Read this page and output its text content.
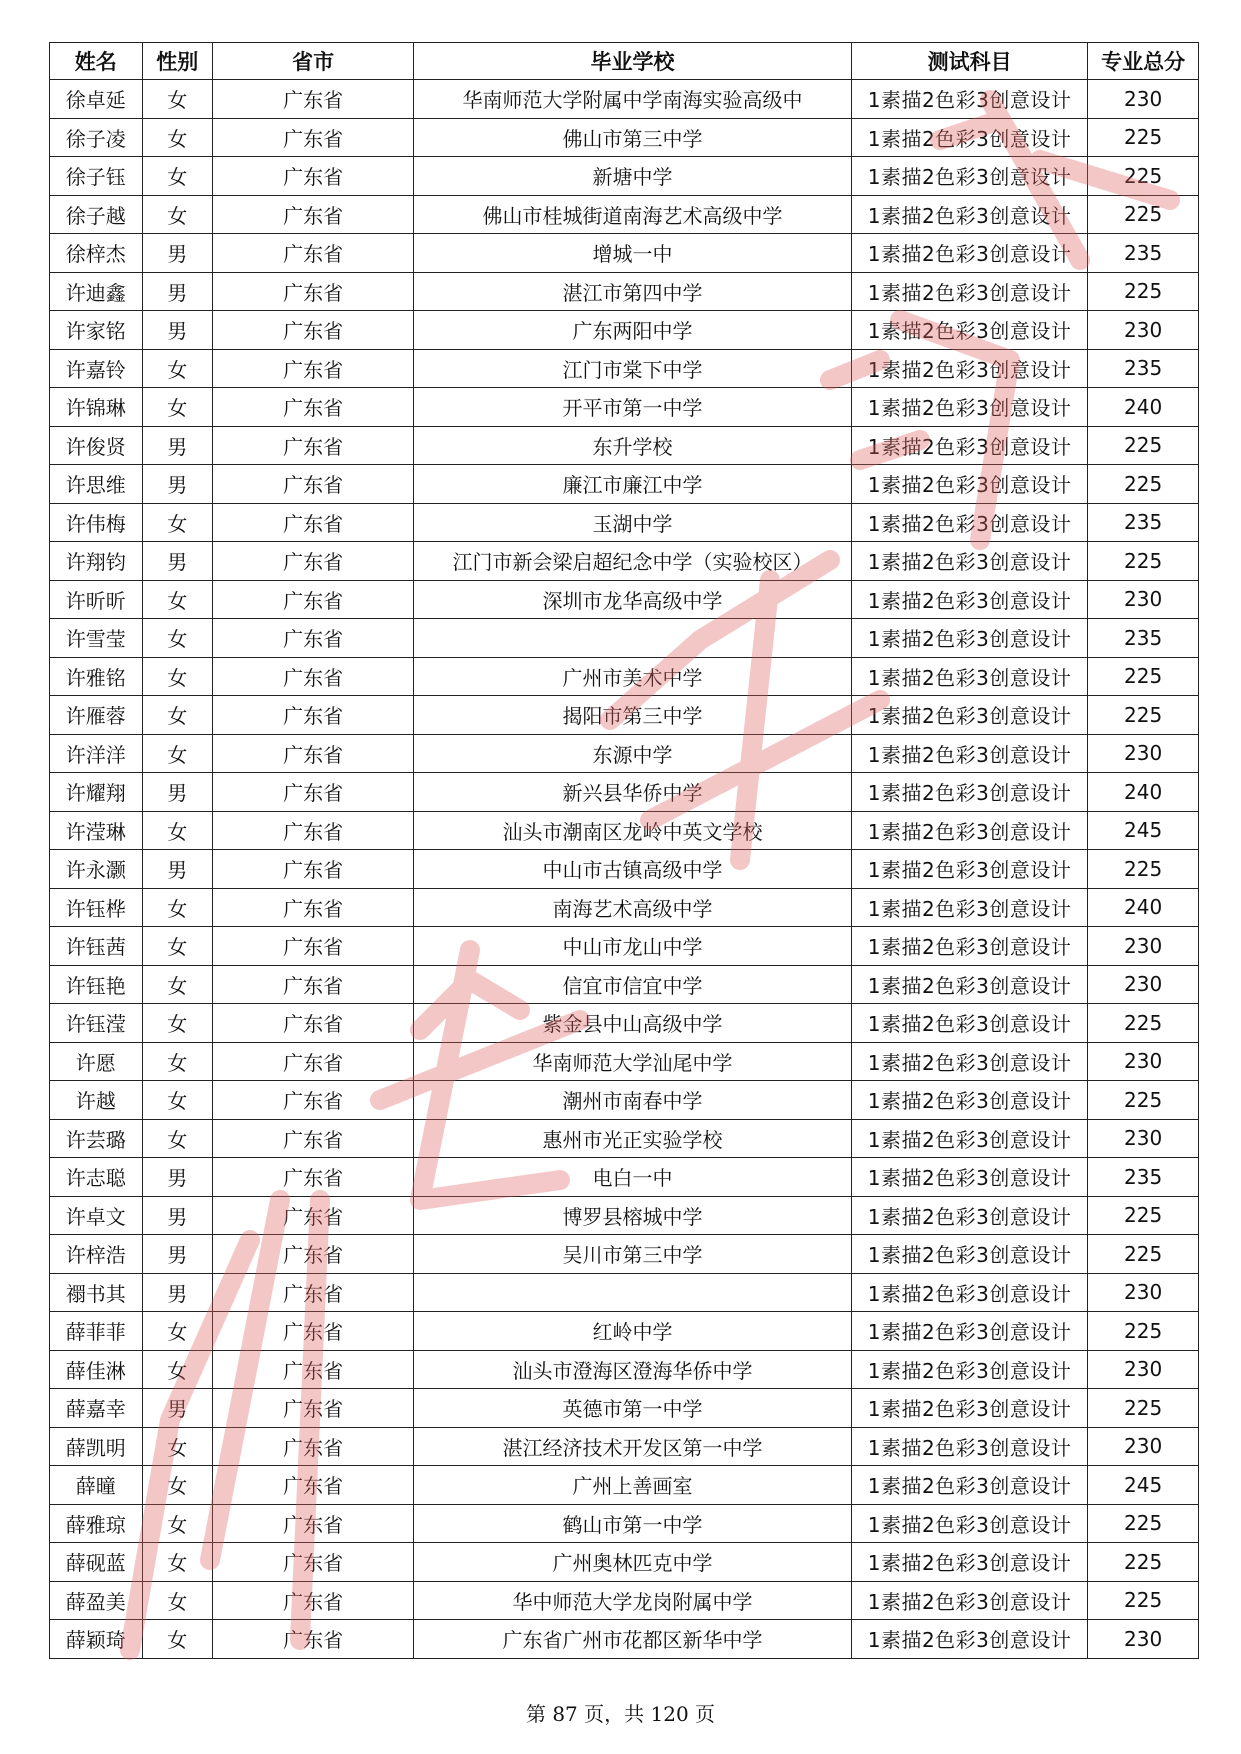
姓名	性别	省市	毕业学校	测试科目	专业总分
徐卓延	女	广东省	华南师范大学附属中学南海实验高级中	1素描2色彩3创意设计	230
徐子凌	女	广东省	佛山市第三中学	1素描2色彩3创意设计	225
徐子钰	女	广东省	新塘中学	1素描2色彩3创意设计	225
徐子越	女	广东省	佛山市桂城街道南海艺术高级中学	1素描2色彩3创意设计	225
徐梓杰	男	广东省	增城一中	1素描2色彩3创意设计	235
许迪鑫	男	广东省	湛江市第四中学	1素描2色彩3创意设计	225
许家铭	男	广东省	广东两阳中学	1素描2色彩3创意设计	230
许嘉铃	女	广东省	江门市棠下中学	1素描2色彩3创意设计	235
许锦琳	女	广东省	开平市第一中学	1素描2色彩3创意设计	240
许俊贤	男	广东省	东升学校	1素描2色彩3创意设计	225
许思维	男	广东省	廉江市廉江中学	1素描2色彩3创意设计	225
许伟梅	女	广东省	玉湖中学	1素描2色彩3创意设计	235
许翔钧	男	广东省	江门市新会梁启超纪念中学（实验校区）	1素描2色彩3创意设计	225
许昕昕	女	广东省	深圳市龙华高级中学	1素描2色彩3创意设计	230
许雪莹	女	广东省		1素描2色彩3创意设计	235
许雅铭	女	广东省	广州市美术中学	1素描2色彩3创意设计	225
许雁蓉	女	广东省	揭阳市第三中学	1素描2色彩3创意设计	225
许洋洋	女	广东省	东源中学	1素描2色彩3创意设计	230
许耀翔	男	广东省	新兴县华侨中学	1素描2色彩3创意设计	240
许滢琳	女	广东省	汕头市潮南区龙岭中英文学校	1素描2色彩3创意设计	245
许永灏	男	广东省	中山市古镇高级中学	1素描2色彩3创意设计	225
许钰桦	女	广东省	南海艺术高级中学	1素描2色彩3创意设计	240
许钰茜	女	广东省	中山市龙山中学	1素描2色彩3创意设计	230
许钰艳	女	广东省	信宜市信宜中学	1素描2色彩3创意设计	230
许钰滢	女	广东省	紫金县中山高级中学	1素描2色彩3创意设计	225
许愿	女	广东省	华南师范大学汕尾中学	1素描2色彩3创意设计	230
许越	女	广东省	潮州市南春中学	1素描2色彩3创意设计	225
许芸璐	女	广东省	惠州市光正实验学校	1素描2色彩3创意设计	230
许志聪	男	广东省	电白一中	1素描2色彩3创意设计	235
许卓文	男	广东省	博罗县榕城中学	1素描2色彩3创意设计	225
许梓浩	男	广东省	吴川市第三中学	1素描2色彩3创意设计	225
禤书其	男	广东省		1素描2色彩3创意设计	230
薛菲菲	女	广东省	红岭中学	1素描2色彩3创意设计	225
薛佳淋	女	广东省	汕头市澄海区澄海华侨中学	1素描2色彩3创意设计	230
薛嘉幸	男	广东省	英德市第一中学	1素描2色彩3创意设计	225
薛凯明	女	广东省	湛江经济技术开发区第一中学	1素描2色彩3创意设计	230
薛曈	女	广东省	广州上善画室	1素描2色彩3创意设计	245
薛雅琼	女	广东省	鹤山市第一中学	1素描2色彩3创意设计	225
薛砚蓝	女	广东省	广州奥林匹克中学	1素描2色彩3创意设计	225
薛盈美	女	广东省	华中师范大学龙岗附属中学	1素描2色彩3创意设计	225
薛颖琦	女	广东省	广东省广州市花都区新华中学	1素描2色彩3创意设计	230
第 87 页，共 120 页
